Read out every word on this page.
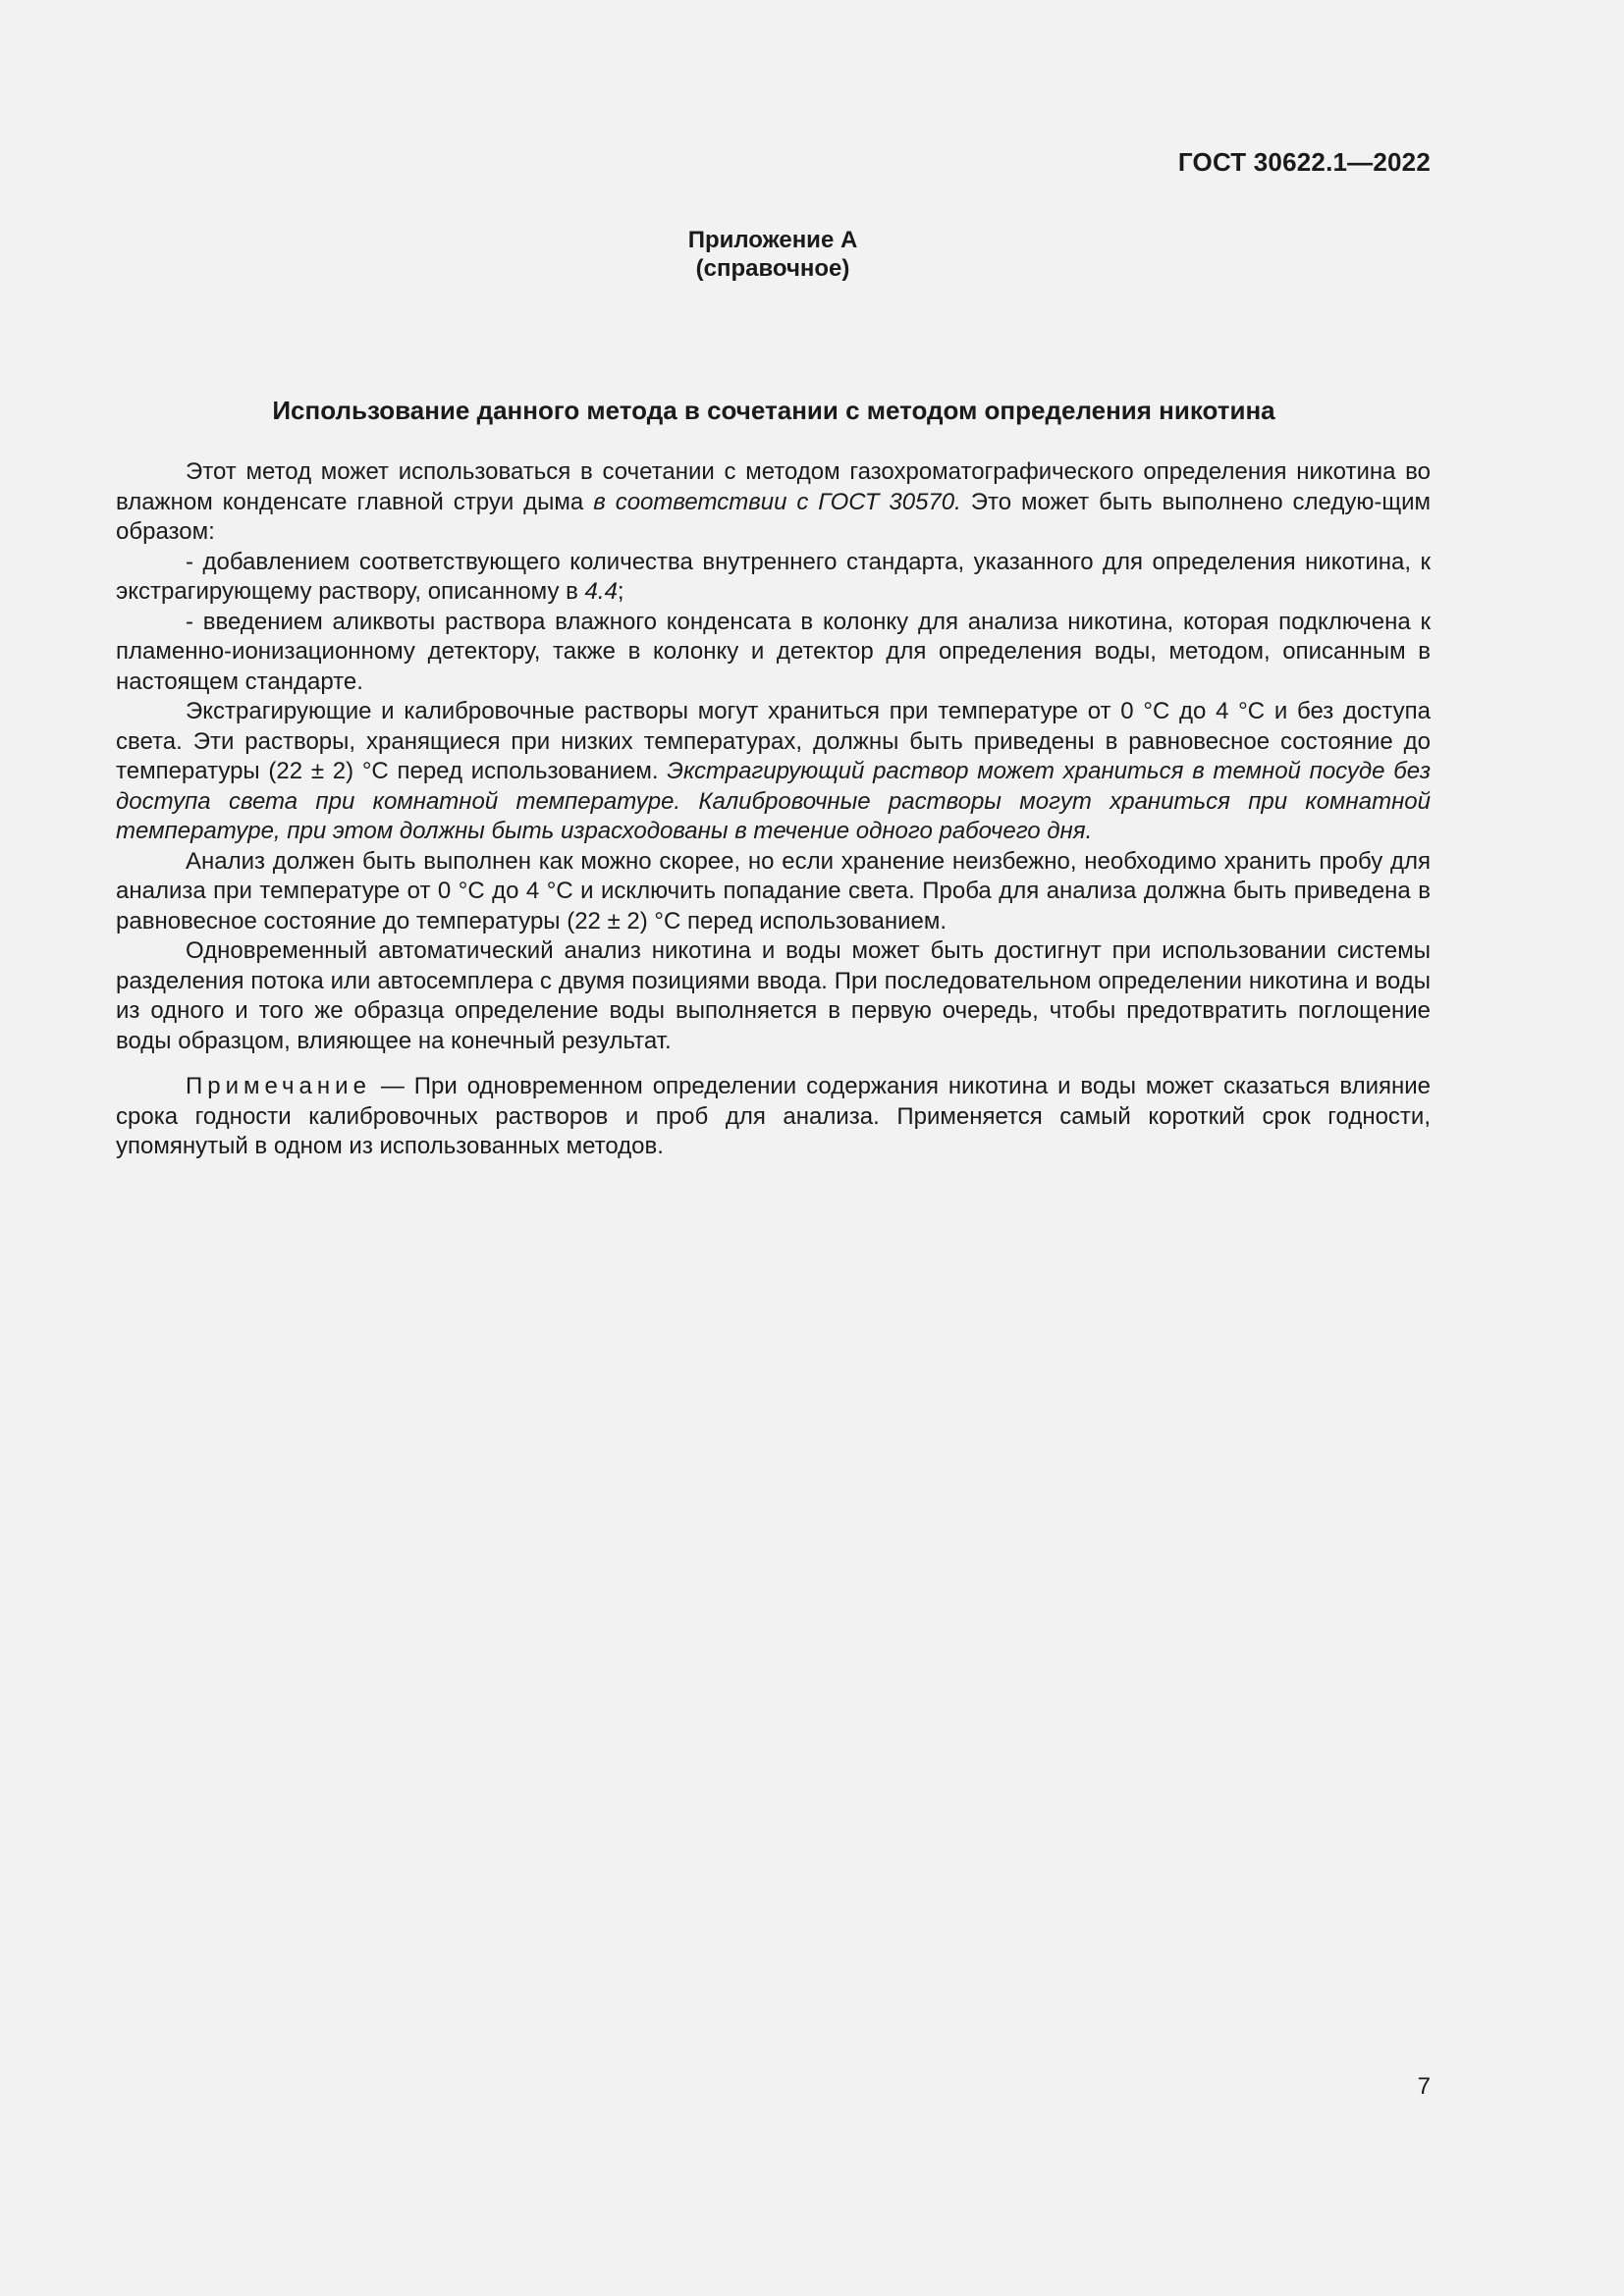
ГОСТ 30622.1—2022
Приложение А
(справочное)
Использование данного метода в сочетании с методом определения никотина

Этот метод может использоваться в сочетании с методом газохроматографического определения никотина во влажном конденсате главной струи дыма в соответствии с ГОСТ 30570. Это может быть выполнено следую-щим образом:

- добавлением соответствующего количества внутреннего стандарта, указанного для определения никотина, к экстрагирующему раствору, описанному в 4.4;

- введением аликвоты раствора влажного конденсата в колонку для анализа никотина, которая подключена к пламенно-ионизационному детектору, также в колонку и детектор для определения воды, методом, описанным в настоящем стандарте.

Экстрагирующие и калибровочные растворы могут храниться при температуре от 0 °С до 4 °С и без доступа света. Эти растворы, хранящиеся при низких температурах, должны быть приведены в равновесное состояние до температуры (22 ± 2) °С перед использованием. Экстрагирующий раствор может храниться в темной посуде без доступа света при комнатной температуре. Калибровочные растворы могут храниться при комнатной температуре, при этом должны быть израсходованы в течение одного рабочего дня.

Анализ должен быть выполнен как можно скорее, но если хранение неизбежно, необходимо хранить пробу для анализа при температуре от 0 °С до 4 °С и исключить попадание света. Проба для анализа должна быть приведена в равновесное состояние до температуры (22 ± 2) °С перед использованием.

Одновременный автоматический анализ никотина и воды может быть достигнут при использовании системы разделения потока или автосемплера с двумя позициями ввода. При последовательном определении никотина и воды из одного и того же образца определение воды выполняется в первую очередь, чтобы предотвратить поглощение воды образцом, влияющее на конечный результат.

Примечание — При одновременном определении содержания никотина и воды может сказаться влияние срока годности калибровочных растворов и проб для анализа. Применяется самый короткий срок годности, упомянутый в одном из использованных методов.

7
